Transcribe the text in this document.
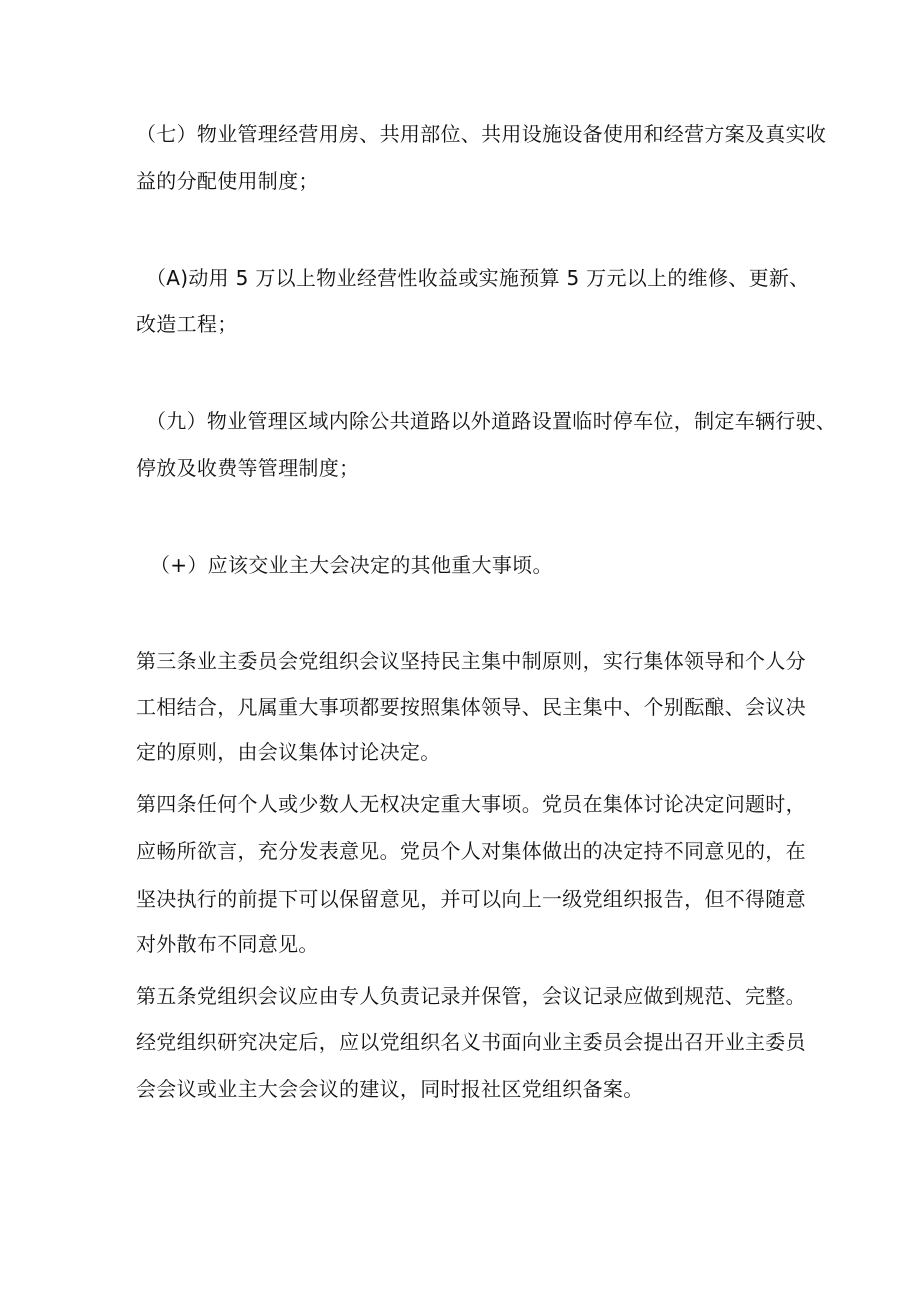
（七）物业管理经营用房、共用部位、共用设施设备使用和经营方案及真实收

益的分配使用制度；

（A)动用 5 万以上物业经营性收益或实施预算 5 万元以上的维修、更新、

改造工程；

（九）物业管理区域内除公共道路以外道路设置临时停车位，制定车辆行驶、

停放及收费等管理制度；

（+）应该交业主大会决定的其他重大事顷。

第三条业主委员会党组织会议坚持民主集中制原则，实行集体领导和个人分

工相结合，凡属重大事项都要按照集体领导、民主集中、个别酝酿、会议决

定的原则，由会议集体讨论决定。

第四条任何个人或少数人无权决定重大事顷。党员在集体讨论决定问题时，

应畅所欲言，充分发表意见。党员个人对集体做出的决定持不同意见的，在

坚决执行的前提下可以保留意见，并可以向上一级党组织报告，但不得随意

对外散布不同意见。

第五条党组织会议应由专人负责记录并保管，会议记录应做到规范、完整。

经党组织研究决定后，应以党组织名义书面向业主委员会提出召开业主委员

会会议或业主大会会议的建议，同时报社区党组织备案。
